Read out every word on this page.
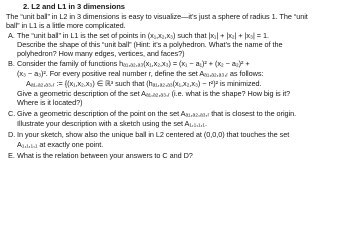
2. L2 and L1 in 3 dimensions
The “unit ball” in L2 in 3 dimensions is easy to visualize—it’s just a sphere of radius 1. The “unit
ball” in L1 is a little more complicated.
A. The “unit ball” in L1 is the set of points in (x₁,x₂,x₃) such that |x₁| + |x₂| + |x₃| = 1.
Describe the shape of this “unit ball” (Hint: it’s a polyhedron. What’s the name of the
polyhedron? How many edges, vertices, and faces?)
B. Consider the family of functions hₐ₁,ₐ₂,ₐ₃(x₁,x₂,x₃) = (x₁ − a₁)² + (x₂ − a₂)² +
(x₃ − a₃)². For every positive real number r, define the set Aₐ₁,ₐ₂,ₐ₃,ᵣ as follows:
Aₐ₁,ₐ₂,ₐ₃,ᵣ := {(x₁,x₂,x₃) ∈ ℝ³ such that (hₐ₁,ₐ₂,ₐ₃(x₁,x₂,x₃) − r²)² is minimized.
Give a geometric description of the set Aₐ₁,ₐ₂,ₐ₃,ᵣ (i.e. what is the shape? How big is it?
Where is it located?)
C. Give a geometric description of the point on the set Aₐ₁,ₐ₂,ₐ₃,ᵣ that is closest to the origin.
Illustrate your description with a sketch using the set A₁,₁,₁,₁.
D. In your sketch, show also the unique ball in L2 centered at (0,0,0) that touches the set
A₁,₁,₁,₁ at exactly one point.
E. What is the relation between your answers to C and D?
